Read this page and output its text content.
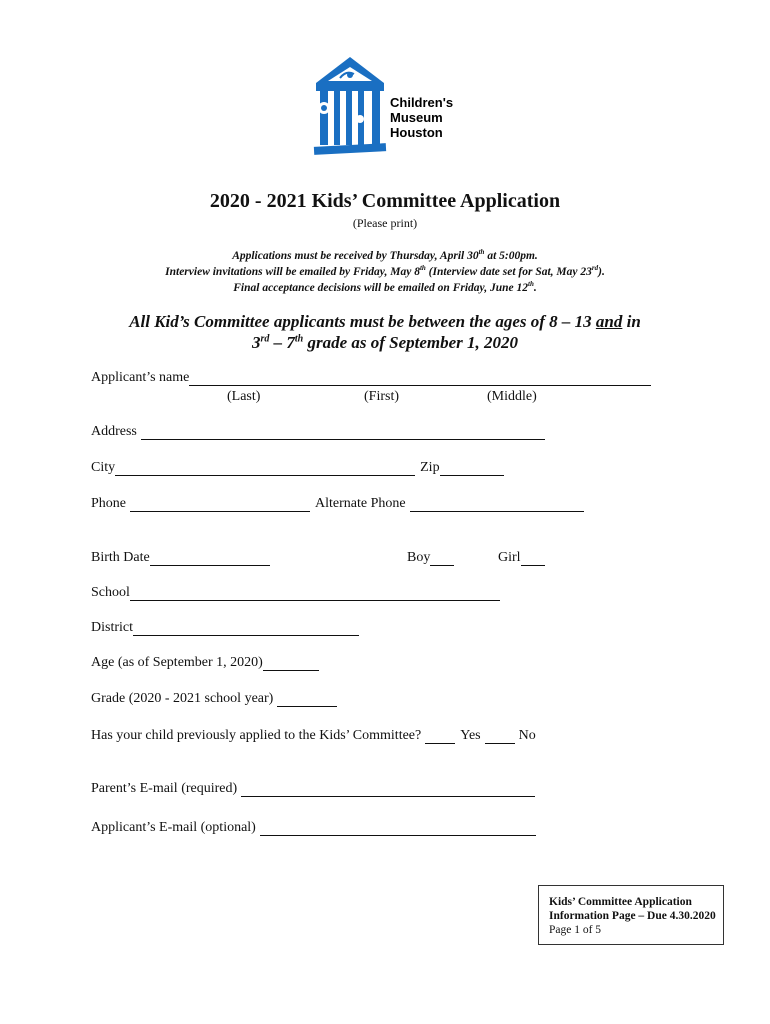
Children's
Museum
Houston
2020 - 2021 Kids’ Committee Application
(Please print)
Applications must be received by Thursday, April 30th at 5:00pm.
Interview invitations will be emailed by Friday, May 8th (Interview date set for Sat, May 23rd).
Final acceptance decisions will be emailed on Friday, June 12th.
All Kid’s Committee applicants must be between the ages of 8 – 13 and in
3rd – 7th grade as of September 1, 2020
Applicant’s name
(Last)	(First)	(Middle)
Address
City	Zip
Phone	Alternate Phone
Birth Date	Boy	Girl
School
District
Age (as of September 1, 2020)
Grade (2020 - 2021 school year)
Has your child previously applied to the Kids’ Committee?	Yes	No
Parent’s E-mail (required)
Applicant’s E-mail (optional)
Kids’ Committee Application
Information Page – Due 4.30.2020
Page 1 of 5
